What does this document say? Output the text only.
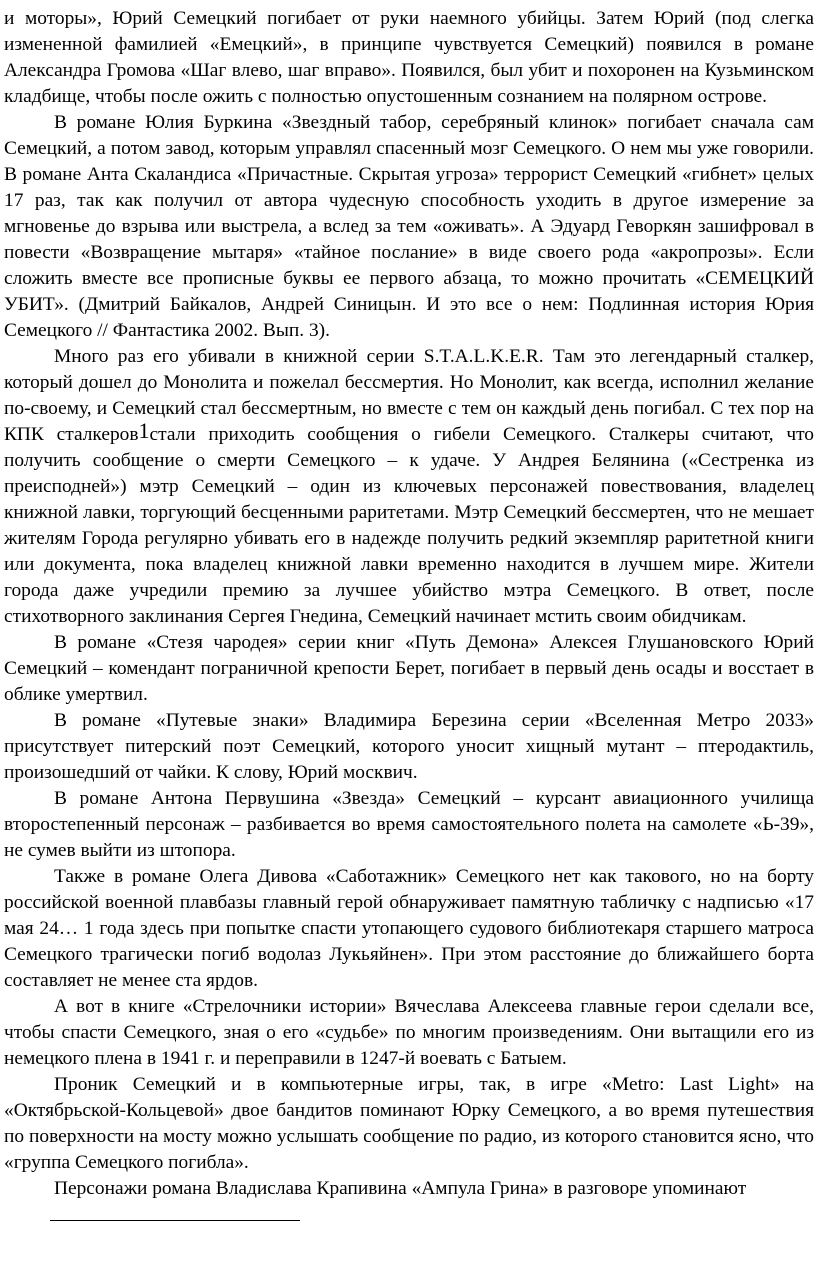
и моторы», Юрий Семецкий погибает от руки наемного убийцы. Затем Юрий (под слегка измененной фамилией «Емецкий», в принципе чувствуется Семецкий) появился в романе Александра Громова «Шаг влево, шаг вправо». Появился, был убит и похоронен на Кузьминском кладбище, чтобы после ожить с полностью опустошенным сознанием на полярном острове.

В романе Юлия Буркина «Звездный табор, серебряный клинок» погибает сначала сам Семецкий, а потом завод, которым управлял спасенный мозг Семецкого. О нем мы уже говорили. В романе Анта Скаландиса «Причастные. Скрытая угроза» террорист Семецкий «гибнет» целых 17 раз, так как получил от автора чудесную способность уходить в другое измерение за мгновенье до взрыва или выстрела, а вслед за тем «оживать». А Эдуард Геворкян зашифровал в повести «Возвращение мытаря» «тайное послание» в виде своего рода «акропрозы». Если сложить вместе все прописные буквы ее первого абзаца, то можно прочитать «СЕМЕЦКИЙ УБИТ». (Дмитрий Байкалов, Андрей Синицын. И это все о нем: Подлинная история Юрия Семецкого // Фантастика 2002. Вып. 3).

Много раз его убивали в книжной серии S.T.A.L.K.E.R. Там это легендарный сталкер, который дошел до Монолита и пожелал бессмертия. Но Монолит, как всегда, исполнил желание по-своему, и Семецкий стал бессмертным, но вместе с тем он каждый день погибал. С тех пор на КПК сталкеров1стали приходить сообщения о гибели Семецкого. Сталкеры считают, что получить сообщение о смерти Семецкого – к удаче. У Андрея Белянина («Сестренка из преисподней») мэтр Семецкий – один из ключевых персонажей повествования, владелец книжной лавки, торгующий бесценными раритетами. Мэтр Семецкий бессмертен, что не мешает жителям Города регулярно убивать его в надежде получить редкий экземпляр раритетной книги или документа, пока владелец книжной лавки временно находится в лучшем мире. Жители города даже учредили премию за лучшее убийство мэтра Семецкого. В ответ, после стихотворного заклинания Сергея Гнедина, Семецкий начинает мстить своим обидчикам.

В романе «Стезя чародея» серии книг «Путь Демона» Алексея Глушановского Юрий Семецкий – комендант пограничной крепости Берет, погибает в первый день осады и восстает в облике умертвил.

В романе «Путевые знаки» Владимира Березина серии «Вселенная Метро 2033» присутствует питерский поэт Семецкий, которого уносит хищный мутант – птеродактиль, произошедший от чайки. К слову, Юрий москвич.

В романе Антона Первушина «Звезда» Семецкий – курсант авиационного училища второстепенный персонаж – разбивается во время самостоятельного полета на самолете «Ь-39», не сумев выйти из штопора.

Также в романе Олега Дивова «Саботажник» Семецкого нет как такового, но на борту российской военной плавбазы главный герой обнаруживает памятную табличку с надписью «17 мая 24… 1 года здесь при попытке спасти утопающего судового библиотекаря старшего матроса Семецкого трагически погиб водолаз Лукьяйнен». При этом расстояние до ближайшего борта составляет не менее ста ярдов.

А вот в книге «Стрелочники истории» Вячеслава Алексеева главные герои сделали все, чтобы спасти Семецкого, зная о его «судьбе» по многим произведениям. Они вытащили его из немецкого плена в 1941 г. и переправили в 1247-й воевать с Батыем.

Проник Семецкий и в компьютерные игры, так, в игре «Metro: Last Light» на «Октябрьской-Кольцевой» двое бандитов поминают Юрку Семецкого, а во время путешествия по поверхности на мосту можно услышать сообщение по радио, из которого становится ясно, что «группа Семецкого погибла».

Персонажи романа Владислава Крапивина «Ампула Грина» в разговоре упоминают
